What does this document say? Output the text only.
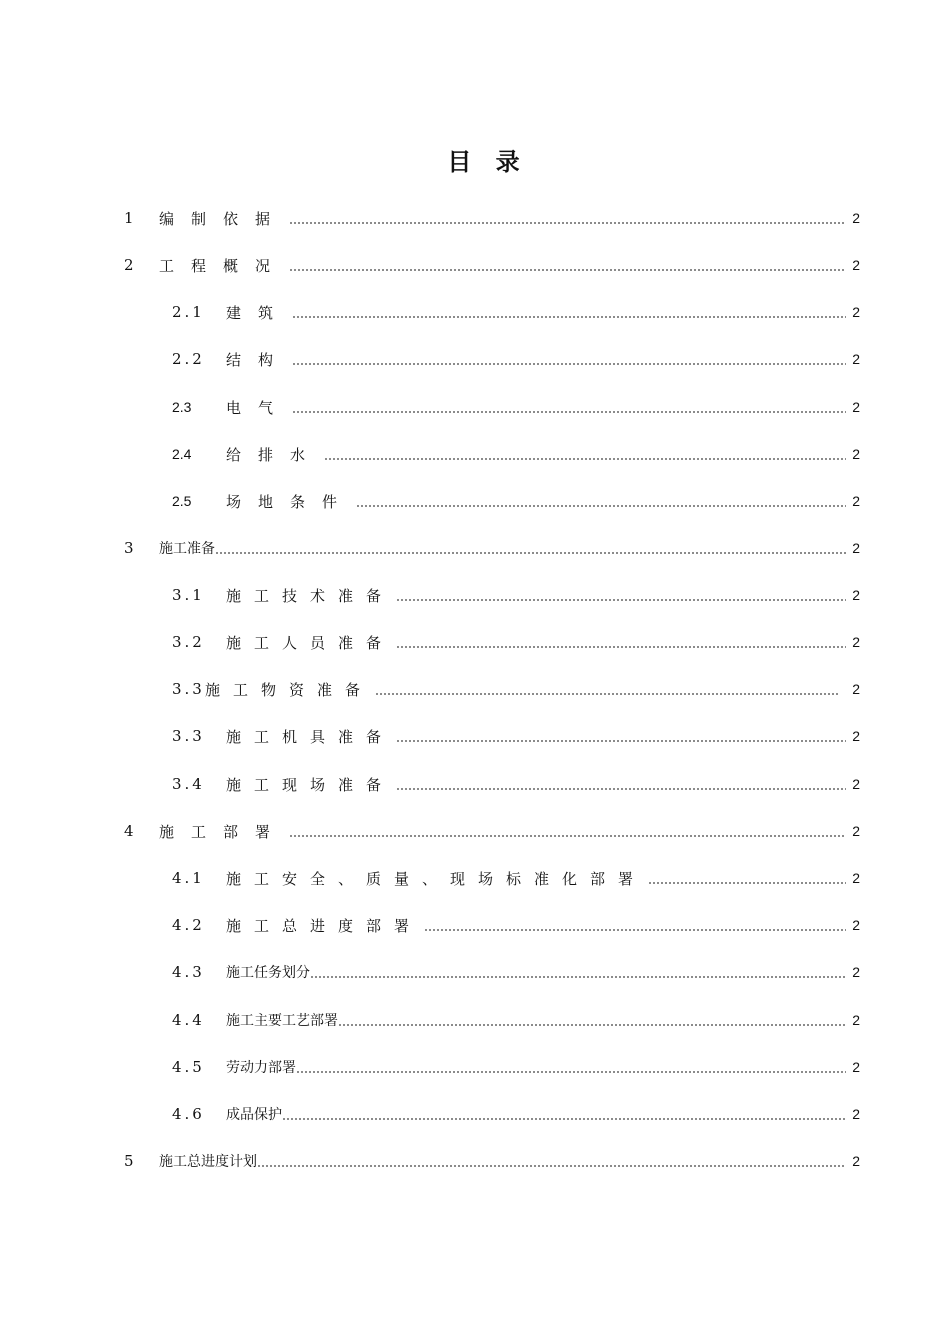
目 录
1	编制依据	2
2	工程概况	2
2.1	建筑	2
2.2	结构	2
2.3	电气	2
2.4	给排水	2
2.5	场地条件	2
3	施工准备	2
3.1	施工技术准备	2
3.2	施工人员准备	2
3.3 施工物资准备	2
3.3	施工机具准备	2
3.4	施工现场准备	2
4	施工部署	2
4.1	施工安全、质量、现场标准化部署	2
4.2	施工总进度部署	2
4.3	施工任务划分	2
4.4	施工主要工艺部署	2
4.5	劳动力部署	2
4.6	成品保护	2
5	施工总进度计划	2
